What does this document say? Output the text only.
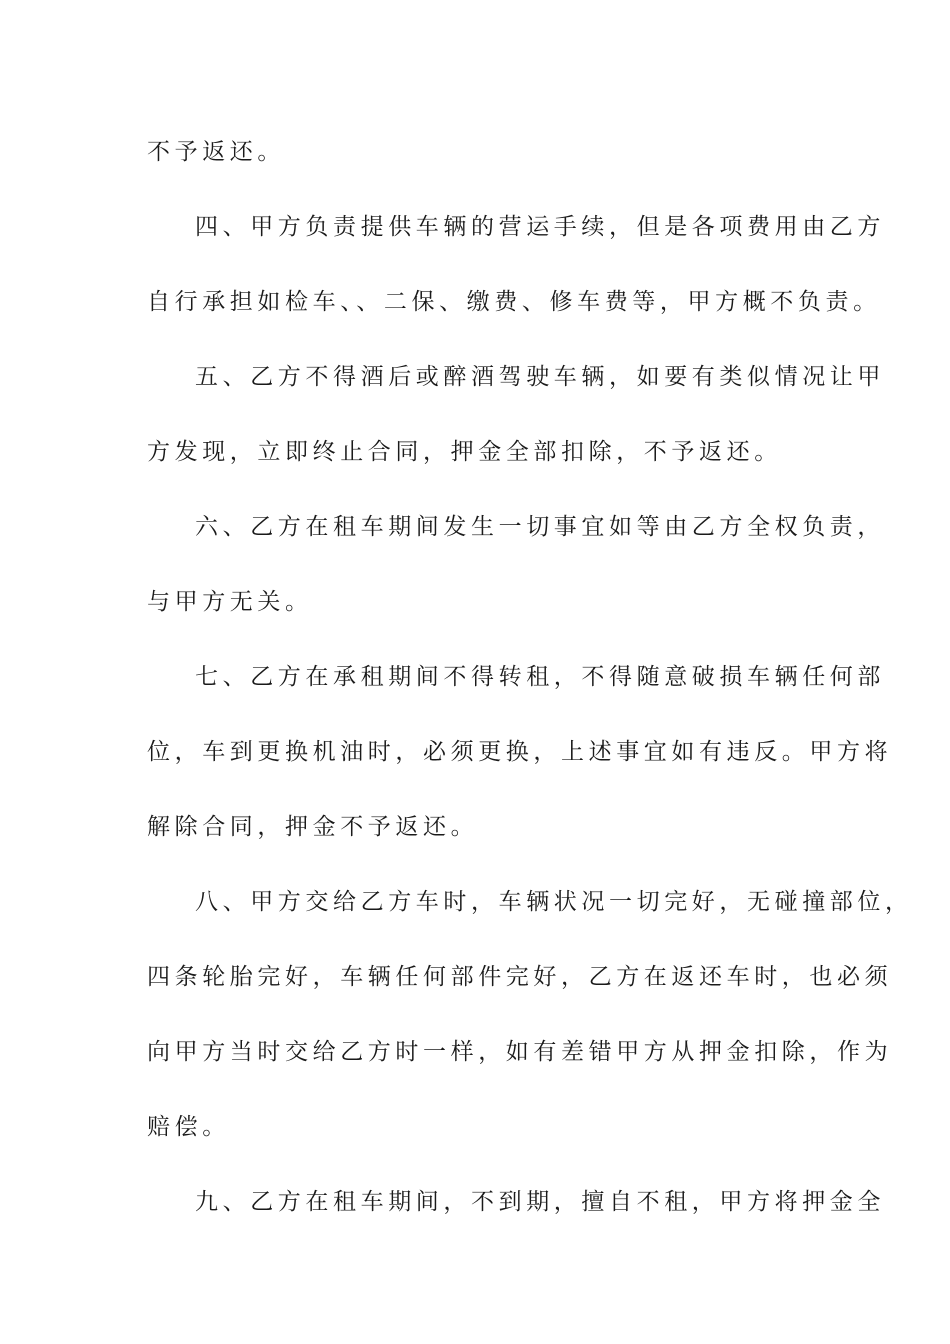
不予返还。
四、甲方负责提供车辆的营运手续，但是各项费用由乙方
自行承担如检车、、二保、缴费、修车费等，甲方概不负责。
五、乙方不得酒后或醉酒驾驶车辆，如要有类似情况让甲
方发现，立即终止合同，押金全部扣除，不予返还。
六、乙方在租车期间发生一切事宜如等由乙方全权负责，
与甲方无关。
七、乙方在承租期间不得转租，不得随意破损车辆任何部
位，车到更换机油时，必须更换，上述事宜如有违反。甲方将
解除合同，押金不予返还。
八、甲方交给乙方车时，车辆状况一切完好，无碰撞部位，
四条轮胎完好，车辆任何部件完好，乙方在返还车时，也必须
向甲方当时交给乙方时一样，如有差错甲方从押金扣除，作为
赔偿。
九、乙方在租车期间，不到期，擅自不租，甲方将押金全
